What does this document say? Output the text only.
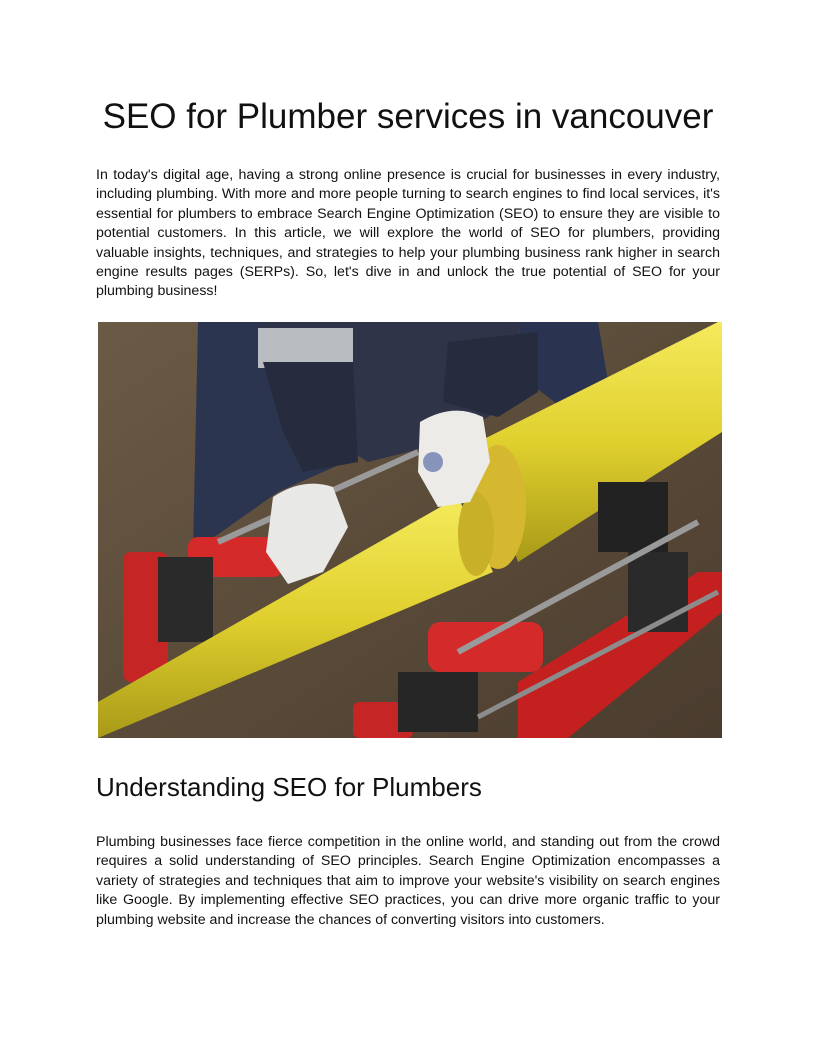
SEO for Plumber services in vancouver

In today's digital age, having a strong online presence is crucial for businesses in every industry, including plumbing. With more and more people turning to search engines to find local services, it's essential for plumbers to embrace Search Engine Optimization (SEO) to ensure they are visible to potential customers. In this article, we will explore the world of SEO for plumbers, providing valuable insights, techniques, and strategies to help your plumbing business rank higher in search engine results pages (SERPs). So, let's dive in and unlock the true potential of SEO for your plumbing business!

Understanding SEO for Plumbers

Plumbing businesses face fierce competition in the online world, and standing out from the crowd requires a solid understanding of SEO principles. Search Engine Optimization encompasses a variety of strategies and techniques that aim to improve your website's visibility on search engines like Google. By implementing effective SEO practices, you can drive more organic traffic to your plumbing website and increase the chances of converting visitors into customers.
